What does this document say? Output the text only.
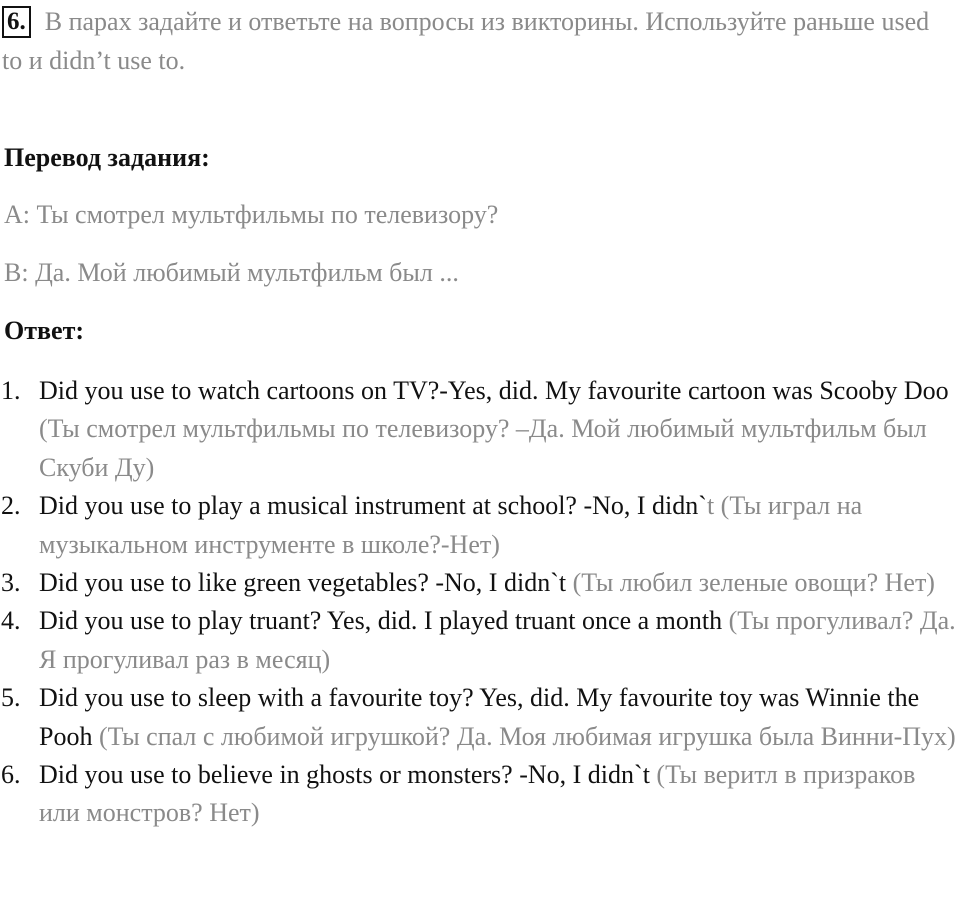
6. В парах задайте и ответьте на вопросы из викторины. Используйте раньше used to и didn’t use to.
Перевод задания:
А: Ты смотрел мультфильмы по телевизору?
В: Да. Мой любимый мультфильм был ...
Ответ:
1. Did you use to watch cartoons on TV?-Yes, did. My favourite cartoon was Scooby Doo (Ты смотрел мультфильмы по телевизору? –Да. Мой любимый мультфильм был Скуби Ду)
2. Did you use to play a musical instrument at school? -No, I didn`t (Ты играл на музыкальном инструменте в школе?-Нет)
3. Did you use to like green vegetables? -No, I didn`t (Ты любил зеленые овощи? Нет)
4. Did you use to play truant? Yes, did. I played truant once a month (Ты прогуливал? Да. Я прогуливал раз в месяц)
5. Did you use to sleep with a favourite toy? Yes, did. My favourite toy was Winnie the Pooh (Ты спал с любимой игрушкой? Да. Моя любимая игрушка была Винни-Пух)
6. Did you use to believe in ghosts or monsters? -No, I didn`t (Ты веритл в призраков или монстров? Нет)
